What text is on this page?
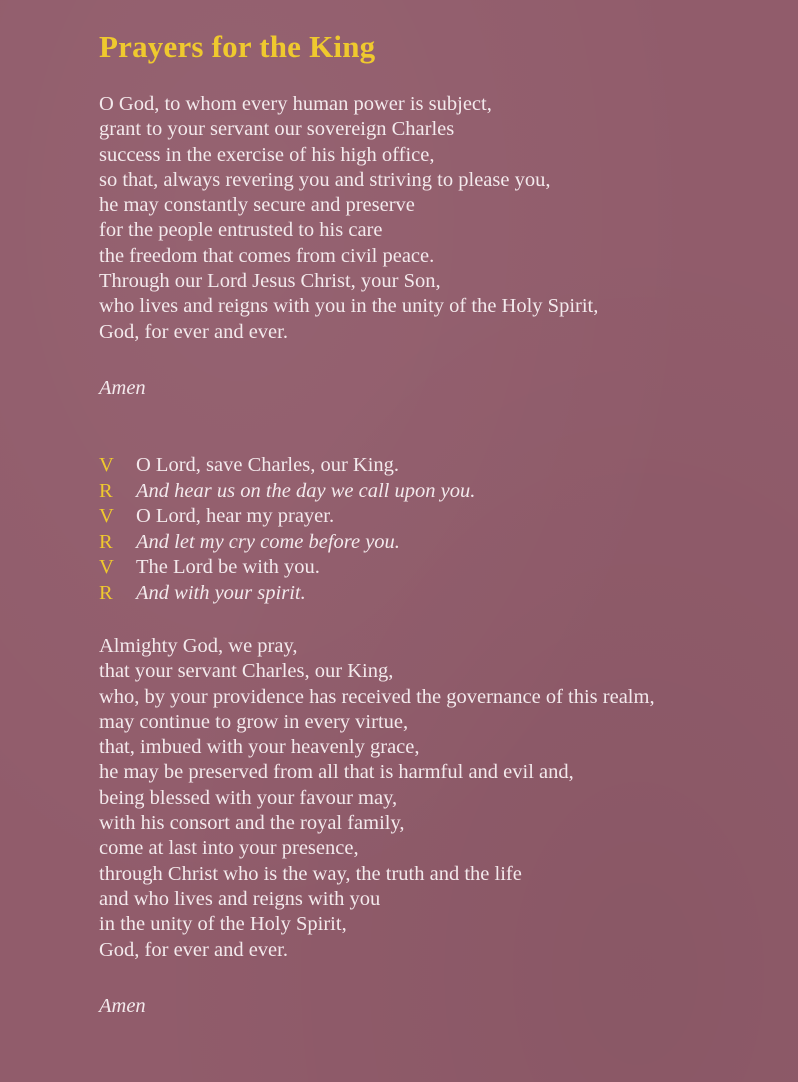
Prayers for the King
O God, to whom every human power is subject,
grant to your servant our sovereign Charles
success in the exercise of his high office,
so that, always revering you and striving to please you,
he may constantly secure and preserve
for the people entrusted to his care
the freedom that comes from civil peace.
Through our Lord Jesus Christ, your Son,
who lives and reigns with you in the unity of the Holy Spirit,
God, for ever and ever.

Amen

V	O Lord, save Charles, our King.
R	And hear us on the day we call upon you.
V	O Lord, hear my prayer.
R	And let my cry come before you.
V	The Lord be with you.
R	And with your spirit.
Almighty God, we pray,
that your servant Charles, our King,
who, by your providence has received the governance of this realm,
may continue to grow in every virtue,
that, imbued with your heavenly grace,
he may be preserved from all that is harmful and evil and,
being blessed with your favour may,
with his consort and the royal family,
come at last into your presence,
through Christ who is the way, the truth and the life
and who lives and reigns with you
in the unity of the Holy Spirit,
God, for ever and ever.

Amen
